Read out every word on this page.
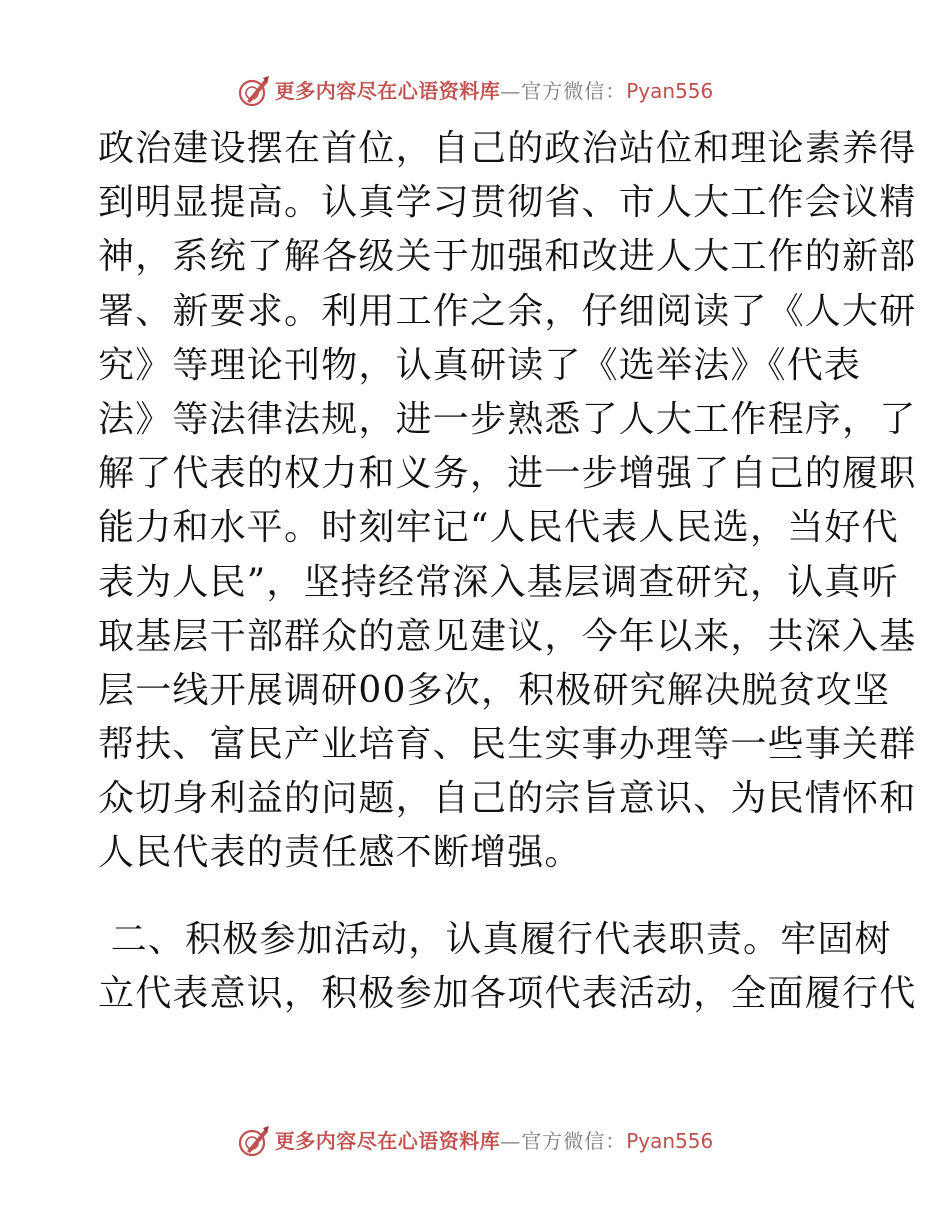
更多内容尽在心语资料库 —官方微信： Pyan556
政治建设摆在首位，自己的政治站位和理论素养得
到明显提高。认真学习贯彻省、市人大工作会议精
神，系统了解各级关于加强和改进人大工作的新部
署、新要求。利用工作之余，仔细阅读了《人大研
究》等理论刊物，认真研读了《选举法》《代表
法》等法律法规，进一步熟悉了人大工作程序，了
解了代表的权力和义务，进一步增强了自己的履职
能力和水平。时刻牢记“人民代表人民选，当好代
表为人民”，坚持经常深入基层调查研究，认真听
取基层干部群众的意见建议，今年以来，共深入基
层一线开展调研00多次，积极研究解决脱贫攻坚
帮扶、富民产业培育、民生实事办理等一些事关群
众切身利益的问题，自己的宗旨意识、为民情怀和
人民代表的责任感不断增强。
二、积极参加活动，认真履行代表职责。牢固树
立代表意识，积极参加各项代表活动，全面履行代
更多内容尽在心语资料库 —官方微信： Pyan556
